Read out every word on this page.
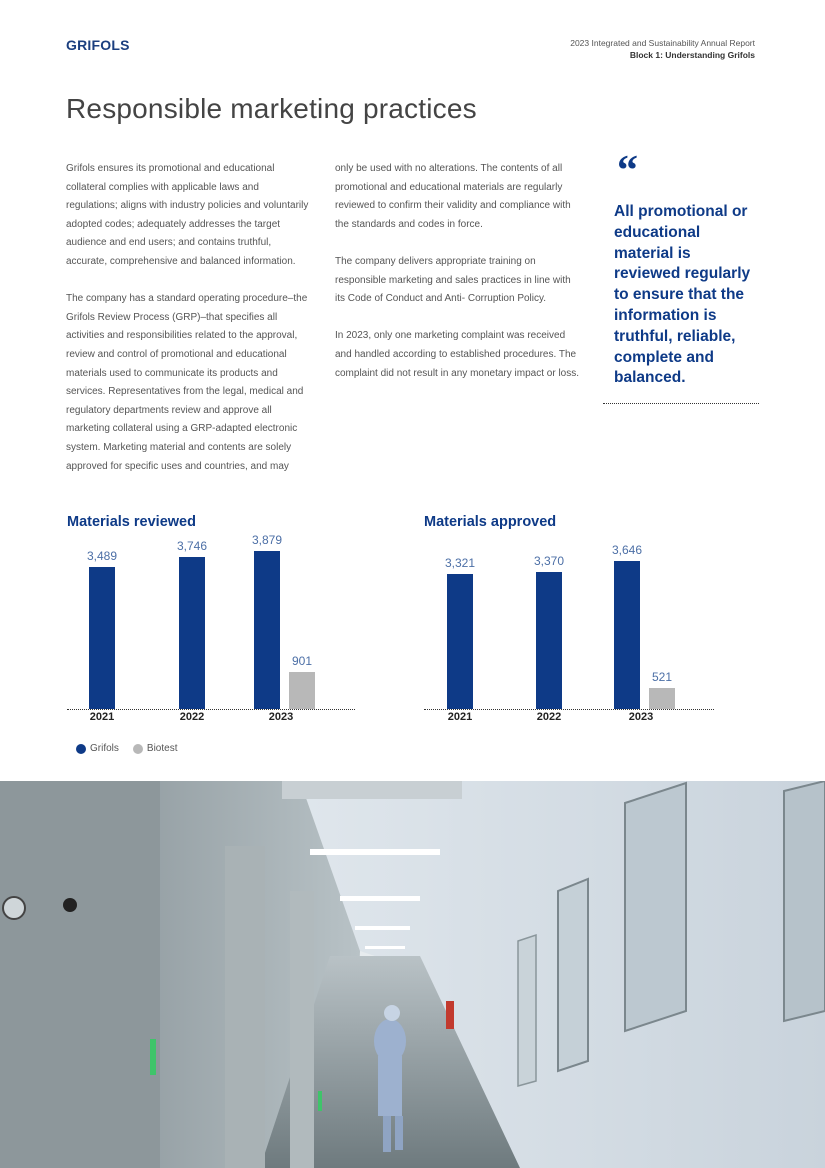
GRIFOLS	2023 Integrated and Sustainability Annual Report
Block 1: Understanding Grifols
Responsible marketing practices

Grifols ensures its promotional and educational collateral complies with applicable laws and regulations; aligns with industry policies and voluntarily adopted codes; adequately addresses the target audience and end users; and contains truthful, accurate, comprehensive and balanced information.

The company has a standard operating procedure–the Grifols Review Process (GRP)–that specifies all activities and responsibilities related to the approval, review and control of promotional and educational materials used to communicate its products and services. Representatives from the legal, medical and regulatory departments review and approve all marketing collateral using a GRP-adapted electronic system. Marketing material and contents are solely approved for specific uses and countries, and may

only be used with no alterations. The contents of all promotional and educational materials are regularly reviewed to confirm their validity and compliance with the standards and codes in force.

The company delivers appropriate training on responsible marketing and sales practices in line with its Code of Conduct and Anti- Corruption Policy.

In 2023, only one marketing complaint was received and handled according to established procedures. The complaint did not result in any monetary impact or loss.

“
All promotional or educational material is reviewed regularly to ensure that the information is truthful, reliable, complete and balanced.
Materials reviewed
3,489
2021
3,746
2022
3,879
901
2023
Materials approved
3,321
2021
3,370
2022
3,646
521
2023
Grifols	Biotest
